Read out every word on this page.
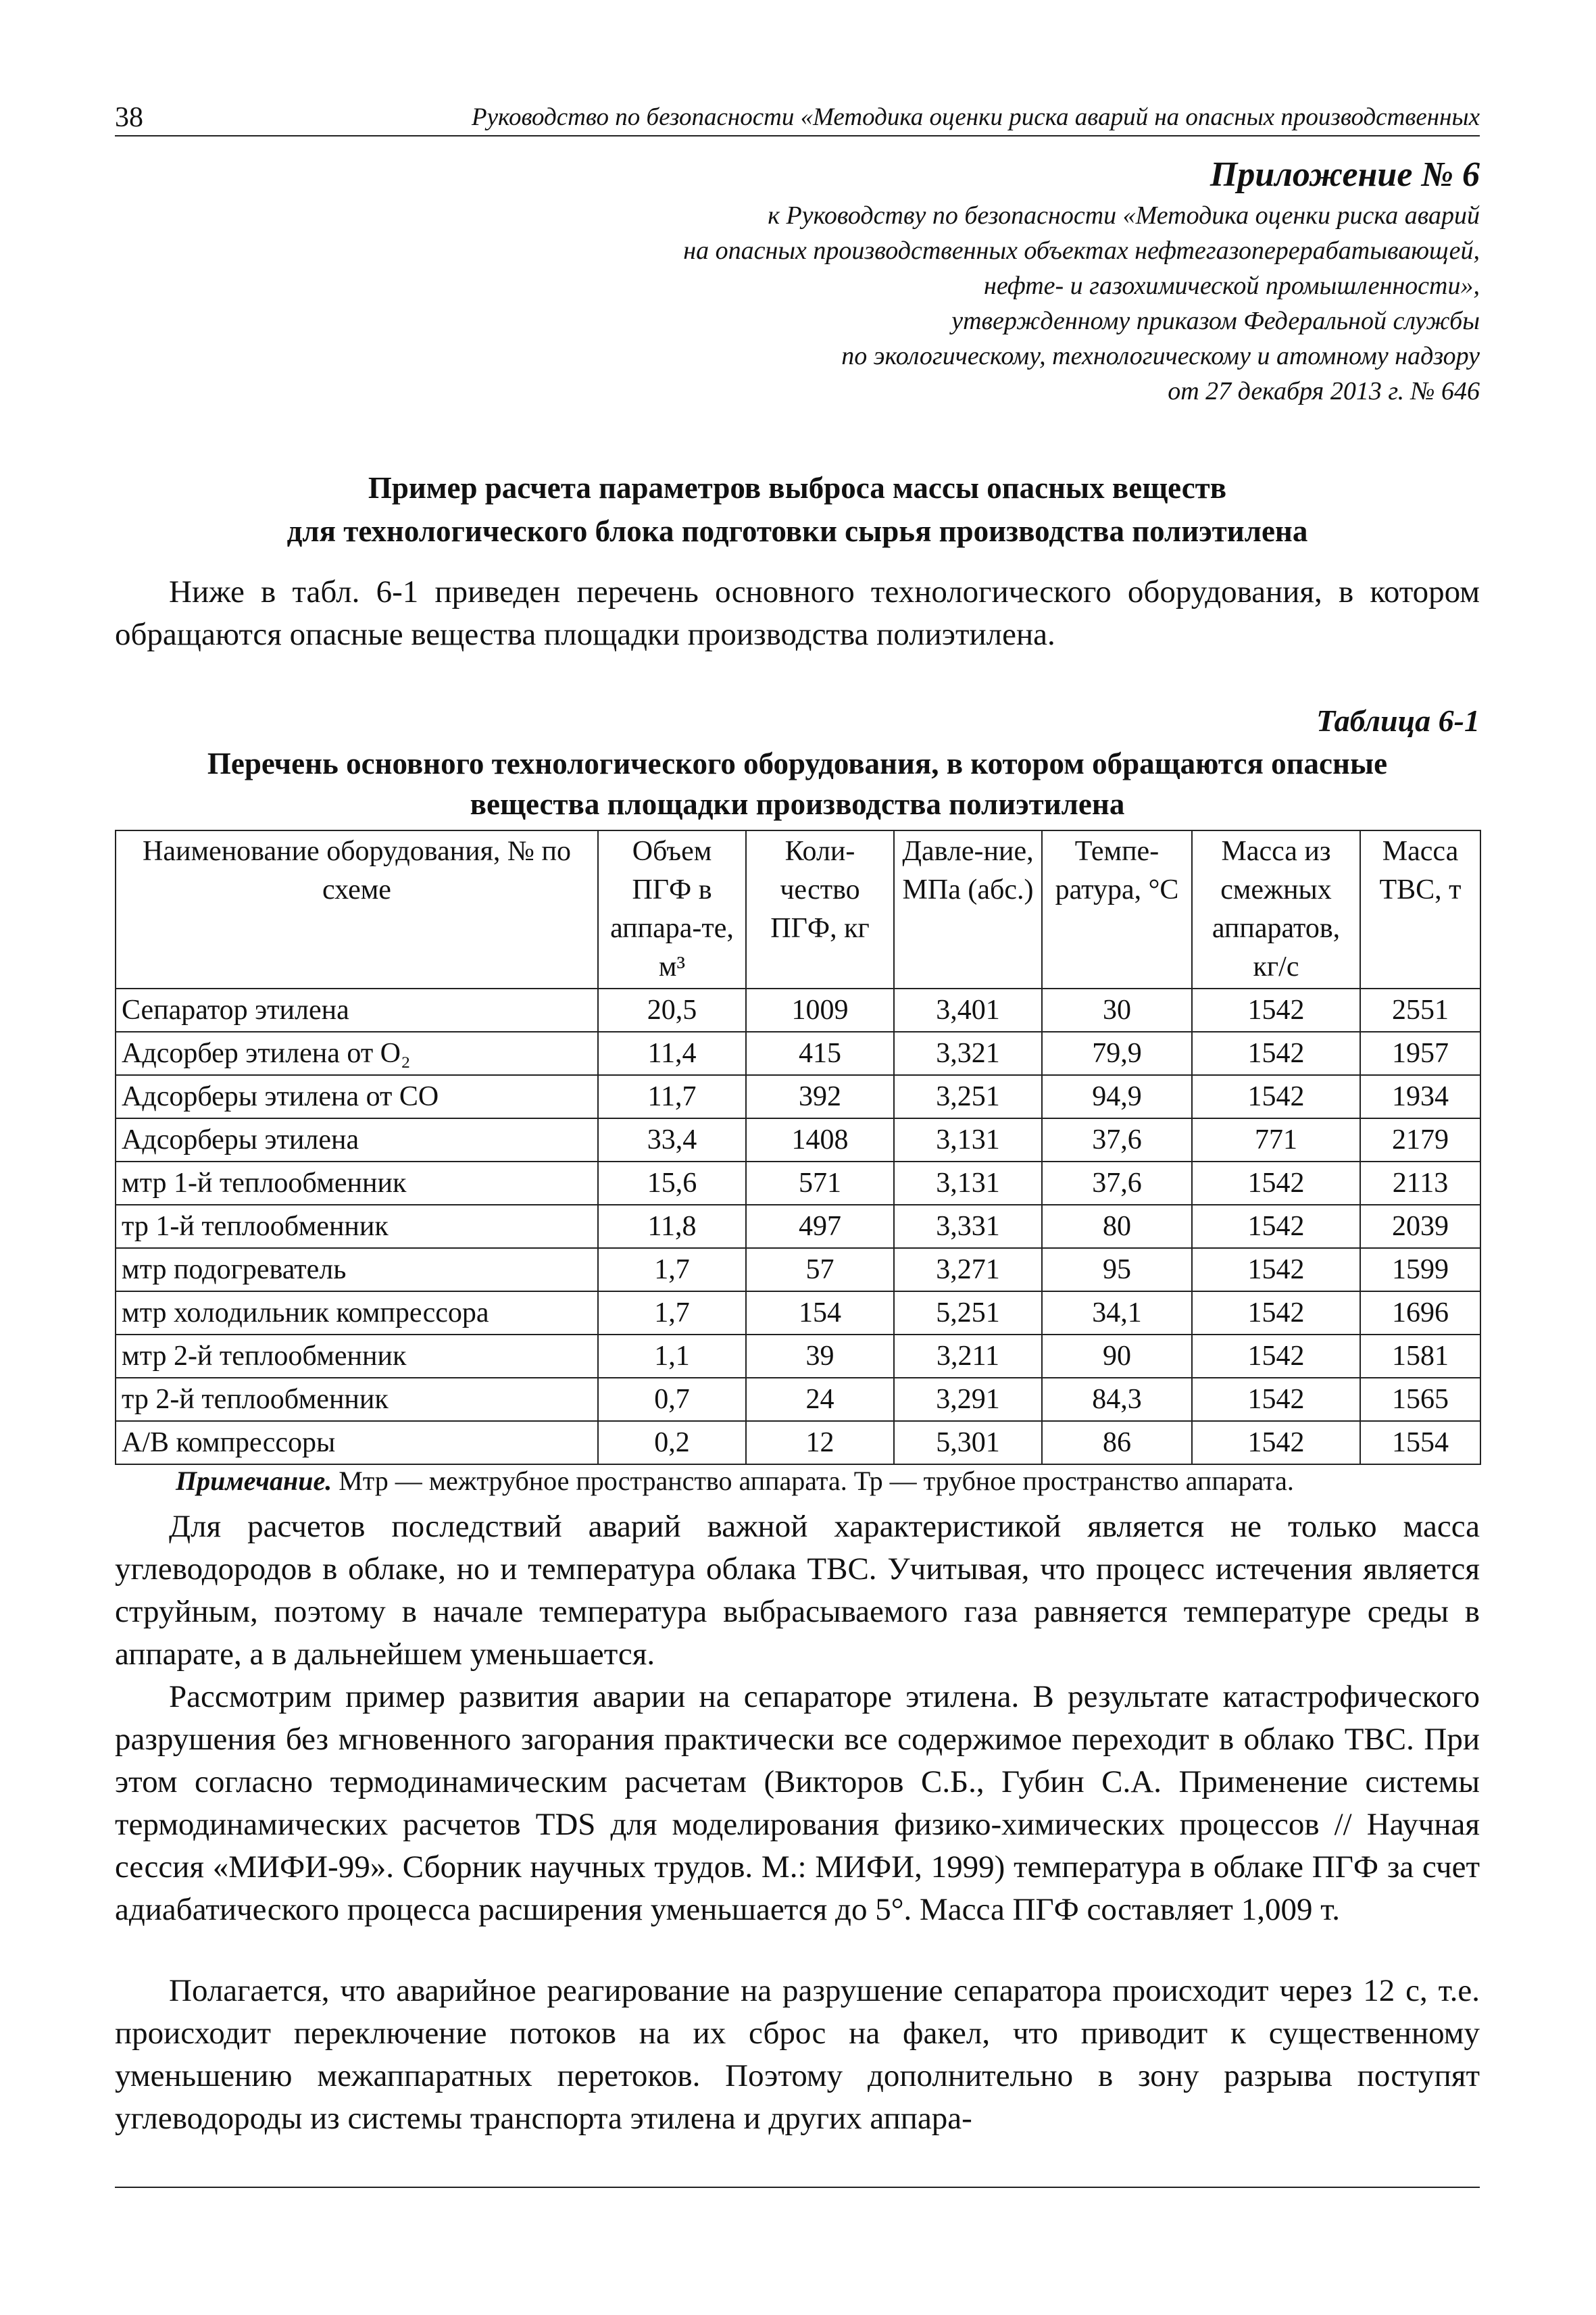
38	Руководство по безопасности «Методика оценки риска аварий на опасных производственных
Приложение № 6
к Руководству по безопасности «Методика оценки риска аварий
на опасных производственных объектах нефтегазоперерабатывающей,
нефте- и газохимической промышленности»,
утвержденному приказом Федеральной службы
по экологическому, технологическому и атомному надзору
от 27 декабря 2013 г. № 646
Пример расчета параметров выброса массы опасных веществ
для технологического блока подготовки сырья производства полиэтилена
Ниже в табл. 6-1 приведен перечень основного технологического оборудования, в котором обращаются опасные вещества площадки производства полиэтилена.
Таблица 6-1
Перечень основного технологического оборудования, в котором обращаются опасные
вещества площадки производства полиэтилена
Наименование оборудования, № по схеме	Объем ПГФ в аппара-те, м³	Коли-чество ПГФ, кг	Давле-ние, МПа (абс.)	Темпе-ратура, °С	Масса из смежных аппаратов, кг/с	Масса ТВС, т
Сепаратор этилена	20,5	1009	3,401	30	1542	2551
Адсорбер этилена от O₂	11,4	415	3,321	79,9	1542	1957
Адсорберы этилена от CO	11,7	392	3,251	94,9	1542	1934
Адсорберы этилена	33,4	1408	3,131	37,6	771	2179
мтр 1-й теплообменник	15,6	571	3,131	37,6	1542	2113
тр 1-й теплообменник	11,8	497	3,331	80	1542	2039
мтр подогреватель	1,7	57	3,271	95	1542	1599
мтр холодильник компрессора	1,7	154	5,251	34,1	1542	1696
мтр 2-й теплообменник	1,1	39	3,211	90	1542	1581
тр 2-й теплообменник	0,7	24	3,291	84,3	1542	1565
А/В компрессоры	0,2	12	5,301	86	1542	1554
Примечание. Мтр — межтрубное пространство аппарата. Тр — трубное пространство аппарата.
Для расчетов последствий аварий важной характеристикой является не только масса углеводородов в облаке, но и температура облака ТВС. Учитывая, что процесс истечения является струйным, поэтому в начале температура выбрасываемого газа равняется температуре среды в аппарате, а в дальнейшем уменьшается.
Рассмотрим пример развития аварии на сепараторе этилена. В результате катастрофического разрушения без мгновенного загорания практически все содержимое переходит в облако ТВС. При этом согласно термодинамическим расчетам (Викторов С.Б., Губин С.А. Применение системы термодинамических расчетов TDS для моделирования физико-химических процессов // Научная сессия «МИФИ-99». Сборник научных трудов. М.: МИФИ, 1999) температура в облаке ПГФ за счет адиабатического процесса расширения уменьшается до 5°. Масса ПГФ составляет 1,009 т.
Полагается, что аварийное реагирование на разрушение сепаратора происходит через 12 с, т.е. происходит переключение потоков на их сброс на факел, что приводит к существенному уменьшению межаппаратных перетоков. Поэтому дополнительно в зону разрыва поступят углеводороды из системы транспорта этилена и других аппара-
